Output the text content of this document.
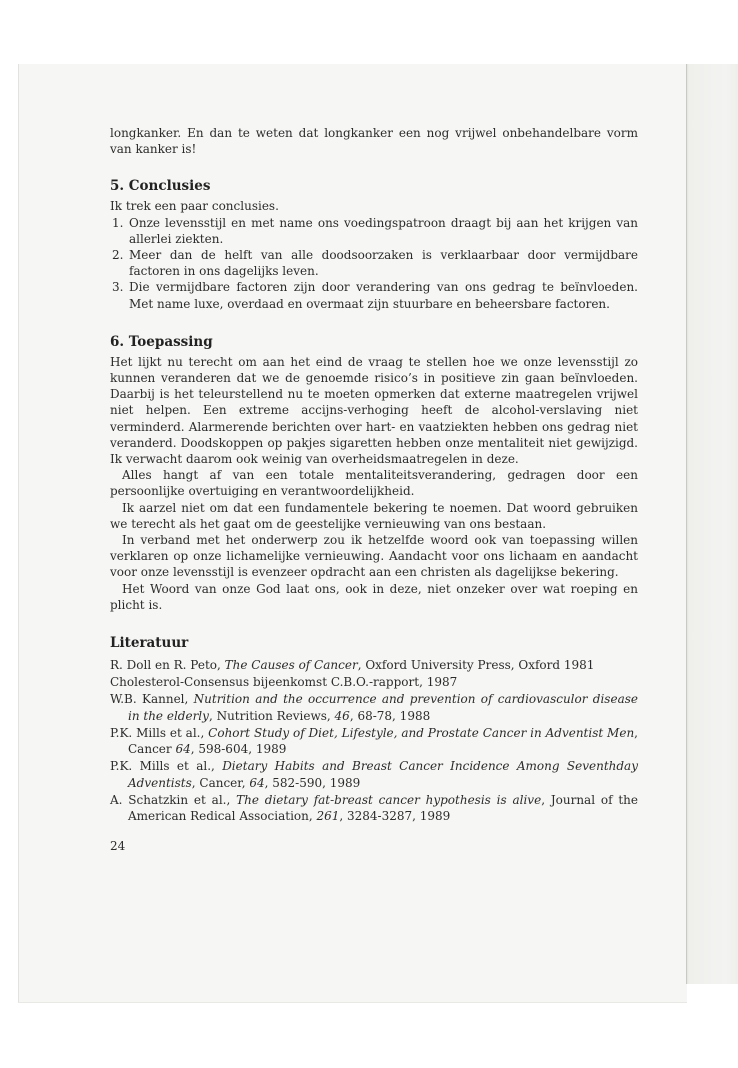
longkanker. En dan te weten dat longkanker een nog vrijwel onbehandelbare vorm van kanker is!

5. Conclusies

Ik trek een paar conclusies.

1. Onze levensstijl en met name ons voedingspatroon draagt bij aan het krijgen van allerlei ziekten.
2. Meer dan de helft van alle doodsoorzaken is verklaarbaar door vermijdbare factoren in ons dagelijks leven.
3. Die vermijdbare factoren zijn door verandering van ons gedrag te beïnvloeden. Met name luxe, overdaad en overmaat zijn stuurbare en beheersbare factoren.
6. Toepassing

Het lijkt nu terecht om aan het eind de vraag te stellen hoe we onze levensstijl zo kunnen veranderen dat we de genoemde risico’s in positieve zin gaan beïnvloeden. Daarbij is het teleurstellend nu te moeten opmerken dat externe maatregelen vrijwel niet helpen. Een extreme accijns-verhoging heeft de alcohol-verslaving niet verminderd. Alarmerende berichten over hart- en vaatziekten hebben ons gedrag niet veranderd. Doodskoppen op pakjes sigaretten hebben onze mentaliteit niet gewijzigd. Ik verwacht daarom ook weinig van overheidsmaatregelen in deze.

Alles hangt af van een totale mentaliteitsverandering, gedragen door een persoonlijke overtuiging en verantwoordelijkheid.

Ik aarzel niet om dat een fundamentele bekering te noemen. Dat woord gebruiken we terecht als het gaat om de geestelijke vernieuwing van ons bestaan.

In verband met het onderwerp zou ik hetzelfde woord ook van toepassing willen verklaren op onze lichamelijke vernieuwing. Aandacht voor ons lichaam en aandacht voor onze levensstijl is evenzeer opdracht aan een christen als dagelijkse bekering.

Het Woord van onze God laat ons, ook in deze, niet onzeker over wat roeping en plicht is.

Literatuur

R. Doll en R. Peto, The Causes of Cancer, Oxford University Press, Oxford 1981

Cholesterol-Consensus bijeenkomst C.B.O.-rapport, 1987

W.B. Kannel, Nutrition and the occurrence and prevention of cardiovasculor disease in the elderly, Nutrition Reviews, 46, 68-78, 1988

P.K. Mills et al., Cohort Study of Diet, Lifestyle, and Prostate Cancer in Adventist Men, Cancer 64, 598-604, 1989

P.K. Mills et al., Dietary Habits and Breast Cancer Incidence Among Seventhday Adventists, Cancer, 64, 582-590, 1989

A. Schatzkin et al., The dietary fat-breast cancer hypothesis is alive, Journal of the American Redical Association, 261, 3284-3287, 1989

24
